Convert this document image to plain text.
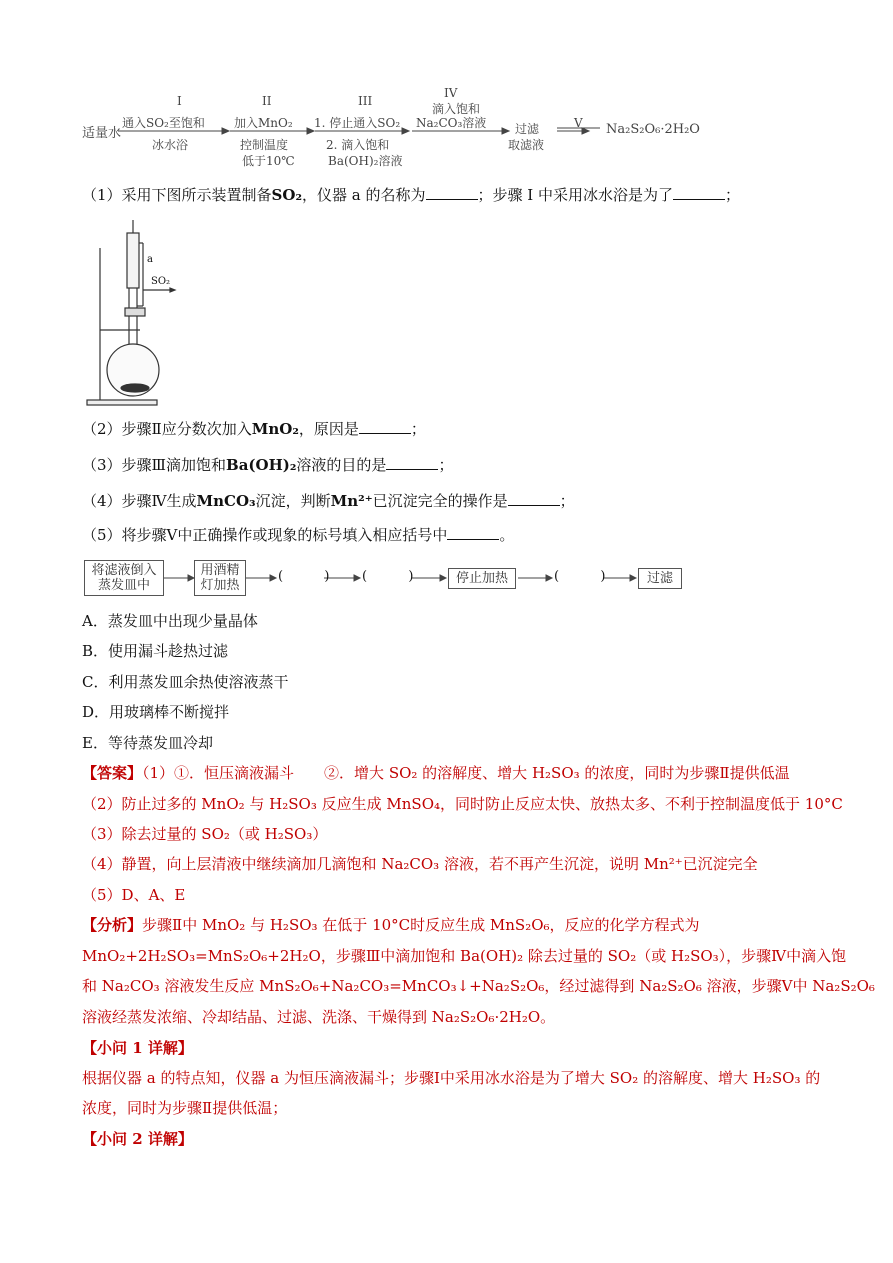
适量水
I
通入SO₂至饱和
冰水浴
II
加入MnO₂
控制温度
低于10℃
III
1. 停止通入SO₂
2. 滴入饱和
Ba(OH)₂溶液
IV
滴入饱和
Na₂CO₃溶液 过滤
取滤液
V Na₂S₂O₆·2H₂O
（1）采用下图所示装置制备SO₂，仪器 a 的名称为	；步骤 I 中采用冰水浴是为了	；
a
SO₂
（2）步骤Ⅱ应分数次加入MnO₂，原因是	；
（3）步骤Ⅲ滴加饱和Ba(OH)₂溶液的目的是	；
（4）步骤Ⅳ生成MnCO₃沉淀，判断Mn²⁺已沉淀完全的操作是	；
（5）将步骤Ⅴ中正确操作或现象的标号填入相应括号中	。
将滤液倒入
蒸发皿中
用酒精
灯加热
(          )	(          )	停止加热	(          )	过滤
A．蒸发皿中出现少量晶体
B．使用漏斗趁热过滤
C．利用蒸发皿余热使溶液蒸干
D．用玻璃棒不断搅拌
E．等待蒸发皿冷却
【答案】（1）①．恒压滴液漏斗　　②．增大 SO₂ 的溶解度、增大 H₂SO₃ 的浓度，同时为步骤Ⅱ提供低温
（2）防止过多的 MnO₂ 与 H₂SO₃ 反应生成 MnSO₄，同时防止反应太快、放热太多、不利于控制温度低于 10°C
（3）除去过量的 SO₂（或 H₂SO₃）
（4）静置，向上层清液中继续滴加几滴饱和 Na₂CO₃ 溶液，若不再产生沉淀，说明 Mn²⁺已沉淀完全
（5）D、A、E
【分析】步骤Ⅱ中 MnO₂ 与 H₂SO₃ 在低于 10°C时反应生成 MnS₂O₆，反应的化学方程式为
MnO₂+2H₂SO₃=MnS₂O₆+2H₂O，步骤Ⅲ中滴加饱和 Ba(OH)₂ 除去过量的 SO₂（或 H₂SO₃），步骤Ⅳ中滴入饱
和 Na₂CO₃ 溶液发生反应 MnS₂O₆+Na₂CO₃=MnCO₃↓+Na₂S₂O₆，经过滤得到 Na₂S₂O₆ 溶液，步骤Ⅴ中 Na₂S₂O₆
溶液经蒸发浓缩、冷却结晶、过滤、洗涤、干燥得到 Na₂S₂O₆·2H₂O。
【小问 1 详解】
根据仪器 a 的特点知，仪器 a 为恒压滴液漏斗；步骤Ⅰ中采用冰水浴是为了增大 SO₂ 的溶解度、增大 H₂SO₃ 的
浓度，同时为步骤Ⅱ提供低温；
【小问 2 详解】
